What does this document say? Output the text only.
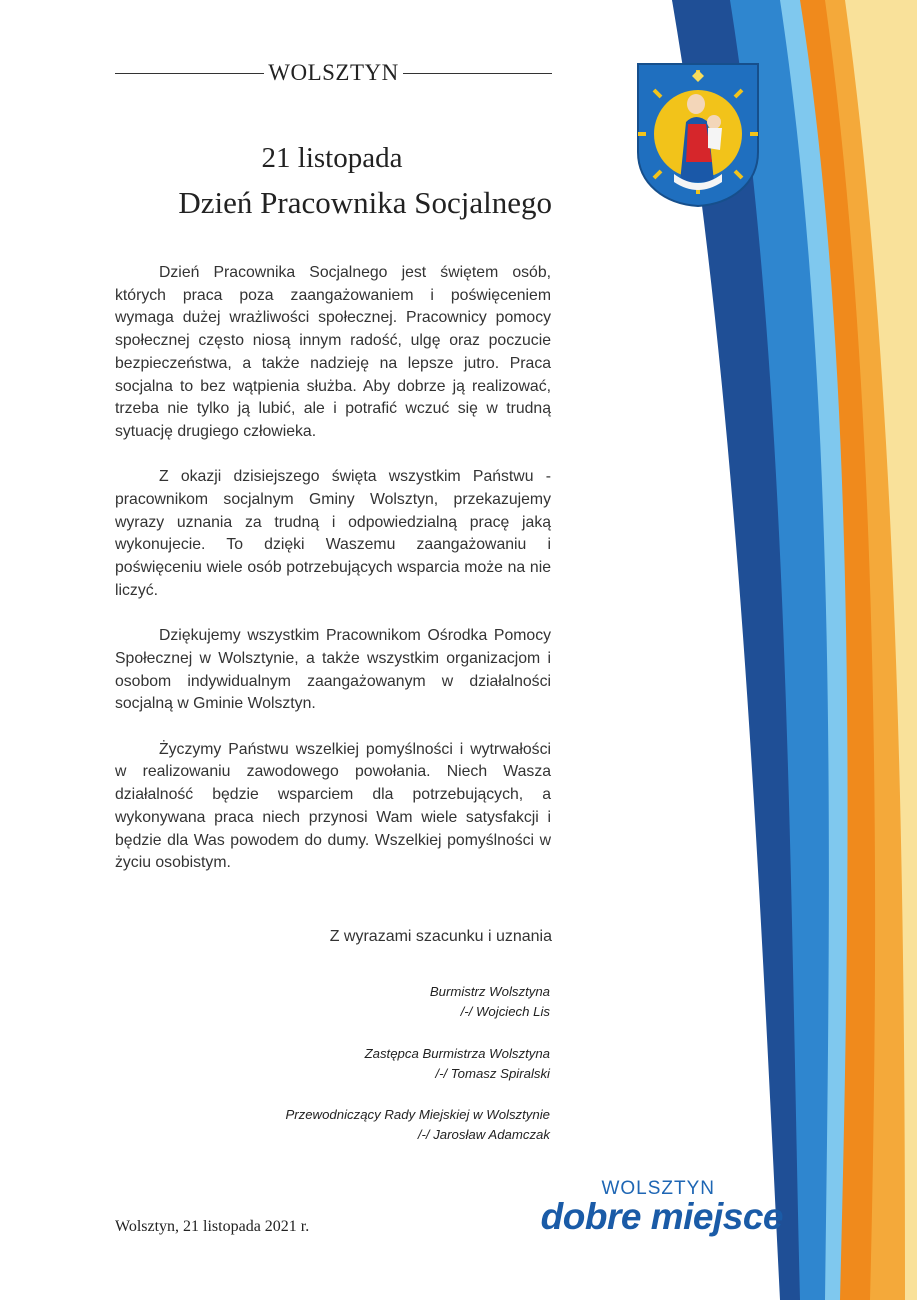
WOLSZTYN
21 listopada
Dzień Pracownika Socjalnego

Dzień Pracownika Socjalnego jest świętem osób, których praca poza zaangażowaniem i poświęceniem wymaga dużej wrażliwości społecznej. Pracownicy pomocy społecznej często niosą innym radość, ulgę oraz poczucie bezpieczeństwa, a także nadzieję na lepsze jutro. Praca socjalna to bez wątpienia służba. Aby dobrze ją realizować, trzeba nie tylko ją lubić, ale i potrafić wczuć się w trudną sytuację drugiego człowieka.

Z okazji dzisiejszego święta wszystkim Państwu - pracownikom socjalnym Gminy Wolsztyn, przekazujemy wyrazy uznania za trudną i odpowiedzialną pracę jaką wykonujecie. To dzięki Waszemu zaangażowaniu i poświęceniu wiele osób potrzebujących wsparcia może na nie liczyć.

Dziękujemy wszystkim Pracownikom Ośrodka Pomocy Społecznej w Wolsztynie, a także wszystkim organizacjom i osobom indywidualnym zaangażowanym w działalności socjalną w Gminie Wolsztyn.

Życzymy Państwu wszelkiej pomyślności i wytrwałości w realizowaniu zawodowego powołania. Niech Wasza działalność będzie wsparciem dla potrzebujących, a wykonywana praca niech przynosi Wam wiele satysfakcji i będzie dla Was powodem do dumy. Wszelkiej pomyślności w życiu osobistym.

Z wyrazami szacunku i uznania
Burmistrz Wolsztyna
/-/ Wojciech Lis
Zastępca Burmistrza Wolsztyna
/-/ Tomasz Spiralski
Przewodniczący Rady Miejskiej w Wolsztynie
/-/ Jarosław Adamczak
Wolsztyn, 21 listopada 2021 r.
WOLSZTYN
dobre miejsce
